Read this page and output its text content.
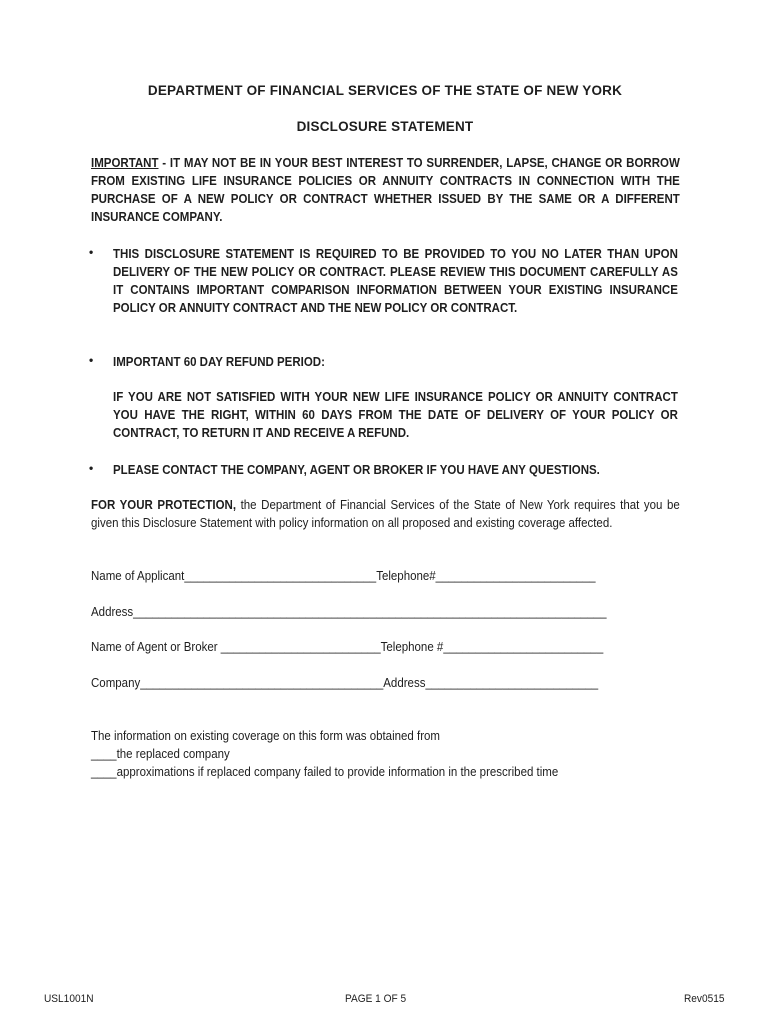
DEPARTMENT OF FINANCIAL SERVICES OF THE STATE OF NEW YORK
DISCLOSURE STATEMENT
IMPORTANT - IT MAY NOT BE IN YOUR BEST INTEREST TO SURRENDER, LAPSE, CHANGE OR BORROW FROM EXISTING LIFE INSURANCE POLICIES OR ANNUITY CONTRACTS IN CONNECTION WITH THE PURCHASE OF A NEW POLICY OR CONTRACT WHETHER ISSUED BY THE SAME OR A DIFFERENT INSURANCE COMPANY.
• THIS DISCLOSURE STATEMENT IS REQUIRED TO BE PROVIDED TO YOU NO LATER THAN UPON DELIVERY OF THE NEW POLICY OR CONTRACT. PLEASE REVIEW THIS DOCUMENT CAREFULLY AS IT CONTAINS IMPORTANT COMPARISON INFORMATION BETWEEN YOUR EXISTING INSURANCE POLICY OR ANNUITY CONTRACT AND THE NEW POLICY OR CONTRACT.
• IMPORTANT 60 DAY REFUND PERIOD:
IF YOU ARE NOT SATISFIED WITH YOUR NEW LIFE INSURANCE POLICY OR ANNUITY CONTRACT YOU HAVE THE RIGHT, WITHIN 60 DAYS FROM THE DATE OF DELIVERY OF YOUR POLICY OR CONTRACT, TO RETURN IT AND RECEIVE A REFUND.
• PLEASE CONTACT THE COMPANY, AGENT OR BROKER IF YOU HAVE ANY QUESTIONS.
FOR YOUR PROTECTION, the Department of Financial Services of the State of New York requires that you be given this Disclosure Statement with policy information on all proposed and existing coverage affected.
Name of Applicant______________________________Telephone#_________________________
Address__________________________________________________________________________
Name of Agent or Broker _________________________Telephone #_________________________
Company______________________________________Address___________________________
The information on existing coverage on this form was obtained from
____the replaced company
____approximations if replaced company failed to provide information in the prescribed time
USL1001N	PAGE 1 OF 5	Rev0515
